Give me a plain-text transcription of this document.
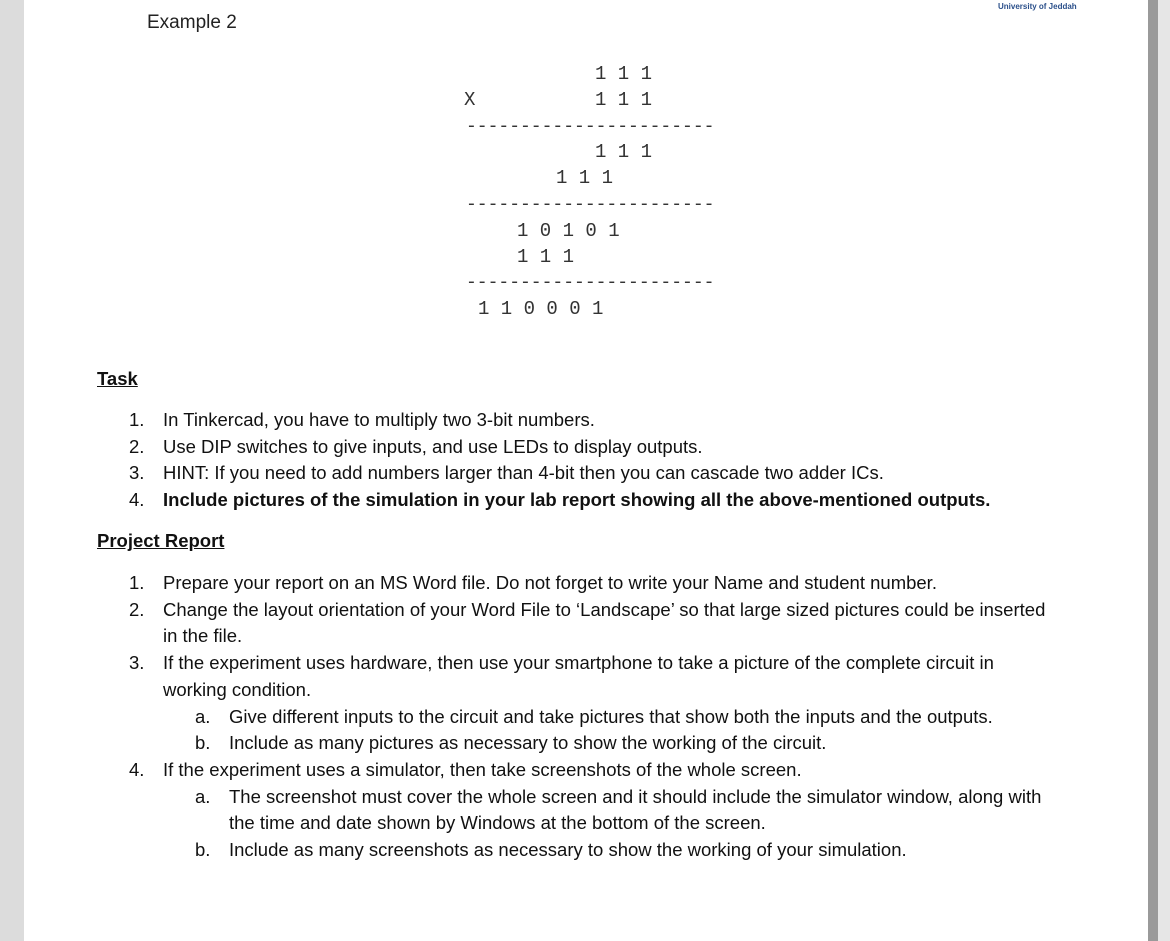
University of Jeddah
Example 2
1 1 1
X	1 1 1
-----------------------
1 1 1
1 1 1
-----------------------
1 0 1 0 1
1 1 1
-----------------------
1 1 0 0 0 1
Task
1. In Tinkercad, you have to multiply two 3-bit numbers.
2. Use DIP switches to give inputs, and use LEDs to display outputs.
3. HINT: If you need to add numbers larger than 4-bit then you can cascade two adder ICs.
4. Include pictures of the simulation in your lab report showing all the above-mentioned outputs.
Project Report
1. Prepare your report on an MS Word file. Do not forget to write your Name and student number.
2. Change the layout orientation of your Word File to ‘Landscape’ so that large sized pictures could be inserted in the file.
3. If the experiment uses hardware, then use your smartphone to take a picture of the complete circuit in working condition.
a. Give different inputs to the circuit and take pictures that show both the inputs and the outputs.
b. Include as many pictures as necessary to show the working of the circuit.
4. If the experiment uses a simulator, then take screenshots of the whole screen.
a. The screenshot must cover the whole screen and it should include the simulator window, along with the time and date shown by Windows at the bottom of the screen.
b. Include as many screenshots as necessary to show the working of your simulation.
